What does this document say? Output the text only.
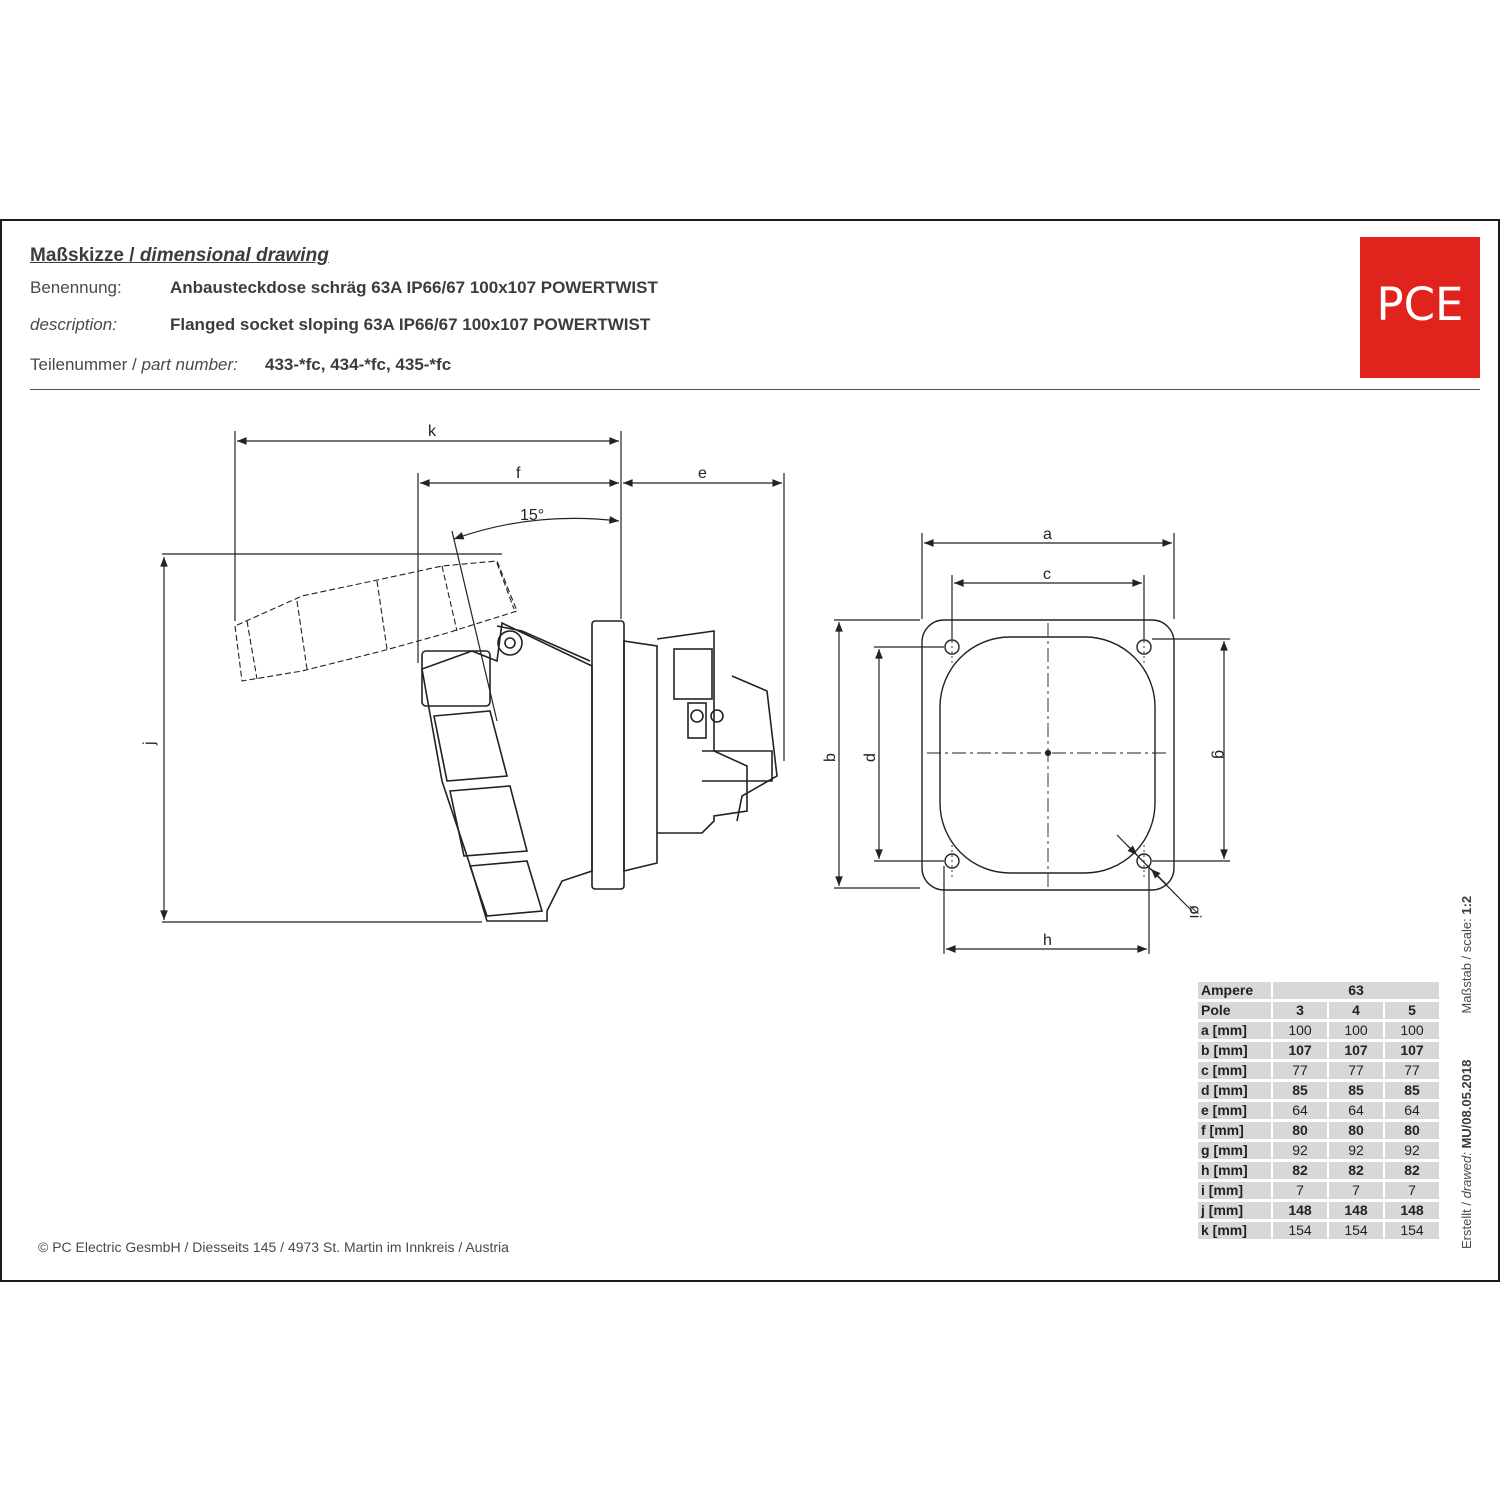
Maßskizze / dimensional drawing
Benennung:	Anbausteckdose schräg 63A IP66/67 100x107 POWERTWIST
description:	Flanged socket sloping 63A IP66/67 100x107 POWERTWIST
Teilenummer / part number: 433-*fc, 434-*fc, 435-*fc
PCE
k
f	e
15°
j
a
c
b d	g
h
øi
Ampere	63		
Pole	3	4	5
a [mm]	100	100	100
b [mm]	107	107	107
c [mm]	77	77	77
d [mm]	85	85	85
e [mm]	64	64	64
f [mm]	80	80	80
g [mm]	92	92	92
h [mm]	82	82	82
i [mm]	7	7	7
j [mm]	148	148	148
k [mm]	154	154	154
© PC Electric GesmbH / Diesseits 145 / 4973 St. Martin im Innkreis / Austria	Erstellt / drawed: MU/08.05.2018Maßstab / scale: 1:2
